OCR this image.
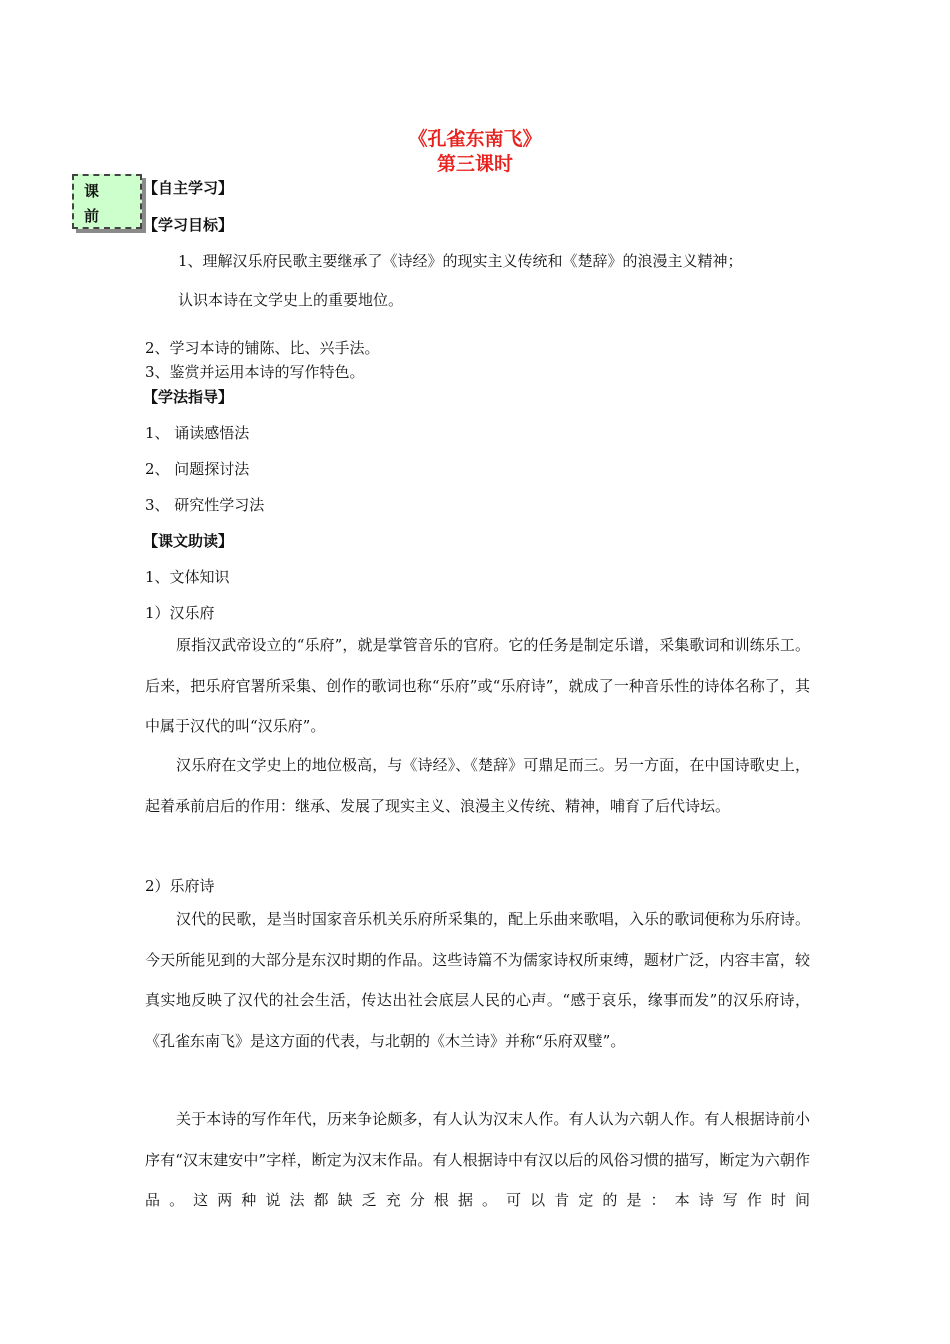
《孔雀东南飞》
第三课时
课
前
【自主学习】
【学习目标】
1、理解汉乐府民歌主要继承了《诗经》的现实主义传统和《楚辞》的浪漫主义精神；
认识本诗在文学史上的重要地位。
2、学习本诗的铺陈、比、兴手法。
3、鉴赏并运用本诗的写作特色。
【学法指导】
1、 诵读感悟法
2、 问题探讨法
3、 研究性学习法
【课文助读】
1、文体知识
1）汉乐府
原指汉武帝设立的“乐府”，就是掌管音乐的官府。它的任务是制定乐谱，采集歌词和训练乐工。后来，把乐府官署所采集、创作的歌词也称“乐府”或“乐府诗”，就成了一种音乐性的诗体名称了，其中属于汉代的叫“汉乐府”。
汉乐府在文学史上的地位极高，与《诗经》、《楚辞》可鼎足而三。另一方面，在中国诗歌史上，起着承前启后的作用：继承、发展了现实主义、浪漫主义传统、精神，哺育了后代诗坛。
2）乐府诗
汉代的民歌，是当时国家音乐机关乐府所采集的，配上乐曲来歌唱，入乐的歌词便称为乐府诗。今天所能见到的大部分是东汉时期的作品。这些诗篇不为儒家诗权所束缚，题材广泛，内容丰富，较真实地反映了汉代的社会生活，传达出社会底层人民的心声。“感于哀乐，缘事而发”的汉乐府诗，《孔雀东南飞》是这方面的代表，与北朝的《木兰诗》并称“乐府双璧”。
关于本诗的写作年代，历来争论颇多，有人认为汉末人作。有人认为六朝人作。有人根据诗前小序有“汉末建安中”字样，断定为汉末作品。有人根据诗中有汉以后的风俗习惯的描写，断定为六朝作品。这两种说法都缺乏充分根据。可以肯定的是：本诗写作时间
